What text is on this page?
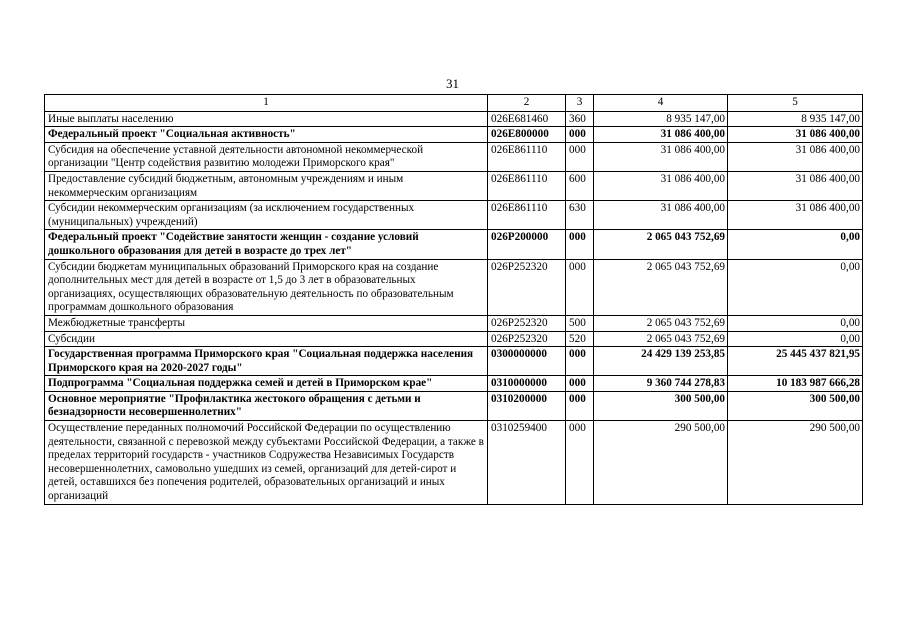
31
1	2	3	4	5
Иные выплаты населению	026E681460	360	8 935 147,00	8 935 147,00
Федеральный проект "Социальная активность"	026E800000	000	31 086 400,00	31 086 400,00
Субсидия на обеспечение уставной деятельности автономной некоммерческой организации "Центр содействия развитию молодежи Приморского края"	026E861110	000	31 086 400,00	31 086 400,00
Предоставление субсидий бюджетным, автономным учреждениям и иным некоммерческим организациям	026E861110	600	31 086 400,00	31 086 400,00
Субсидии некоммерческим организациям (за исключением государственных (муниципальных) учреждений)	026E861110	630	31 086 400,00	31 086 400,00
Федеральный проект "Содействие занятости женщин - создание условий дошкольного образования для детей в возрасте до трех лет"	026P200000	000	2 065 043 752,69	0,00
Субсидии бюджетам муниципальных образований Приморского края на создание дополнительных мест для детей в возрасте от 1,5 до 3 лет в образовательных организациях, осуществляющих образовательную деятельность по образовательным программам дошкольного образования	026P252320	000	2 065 043 752,69	0,00
Межбюджетные трансферты	026P252320	500	2 065 043 752,69	0,00
Субсидии	026P252320	520	2 065 043 752,69	0,00
Государственная программа Приморского края "Социальная поддержка населения Приморского края на 2020-2027 годы"	0300000000	000	24 429 139 253,85	25 445 437 821,95
Подпрограмма "Социальная поддержка семей и детей в Приморском крае"	0310000000	000	9 360 744 278,83	10 183 987 666,28
Основное мероприятие "Профилактика жестокого обращения с детьми и безнадзорности несовершеннолетних"	0310200000	000	300 500,00	300 500,00
Осуществление переданных полномочий Российской Федерации по осуществлению деятельности, связанной с перевозкой между субъектами Российской Федерации, а также в пределах территорий государств - участников Содружества Независимых Государств несовершеннолетних, самовольно ушедших из семей, организаций для детей-сирот и детей, оставшихся без попечения родителей, образовательных организаций и иных организаций	0310259400	000	290 500,00	290 500,00
